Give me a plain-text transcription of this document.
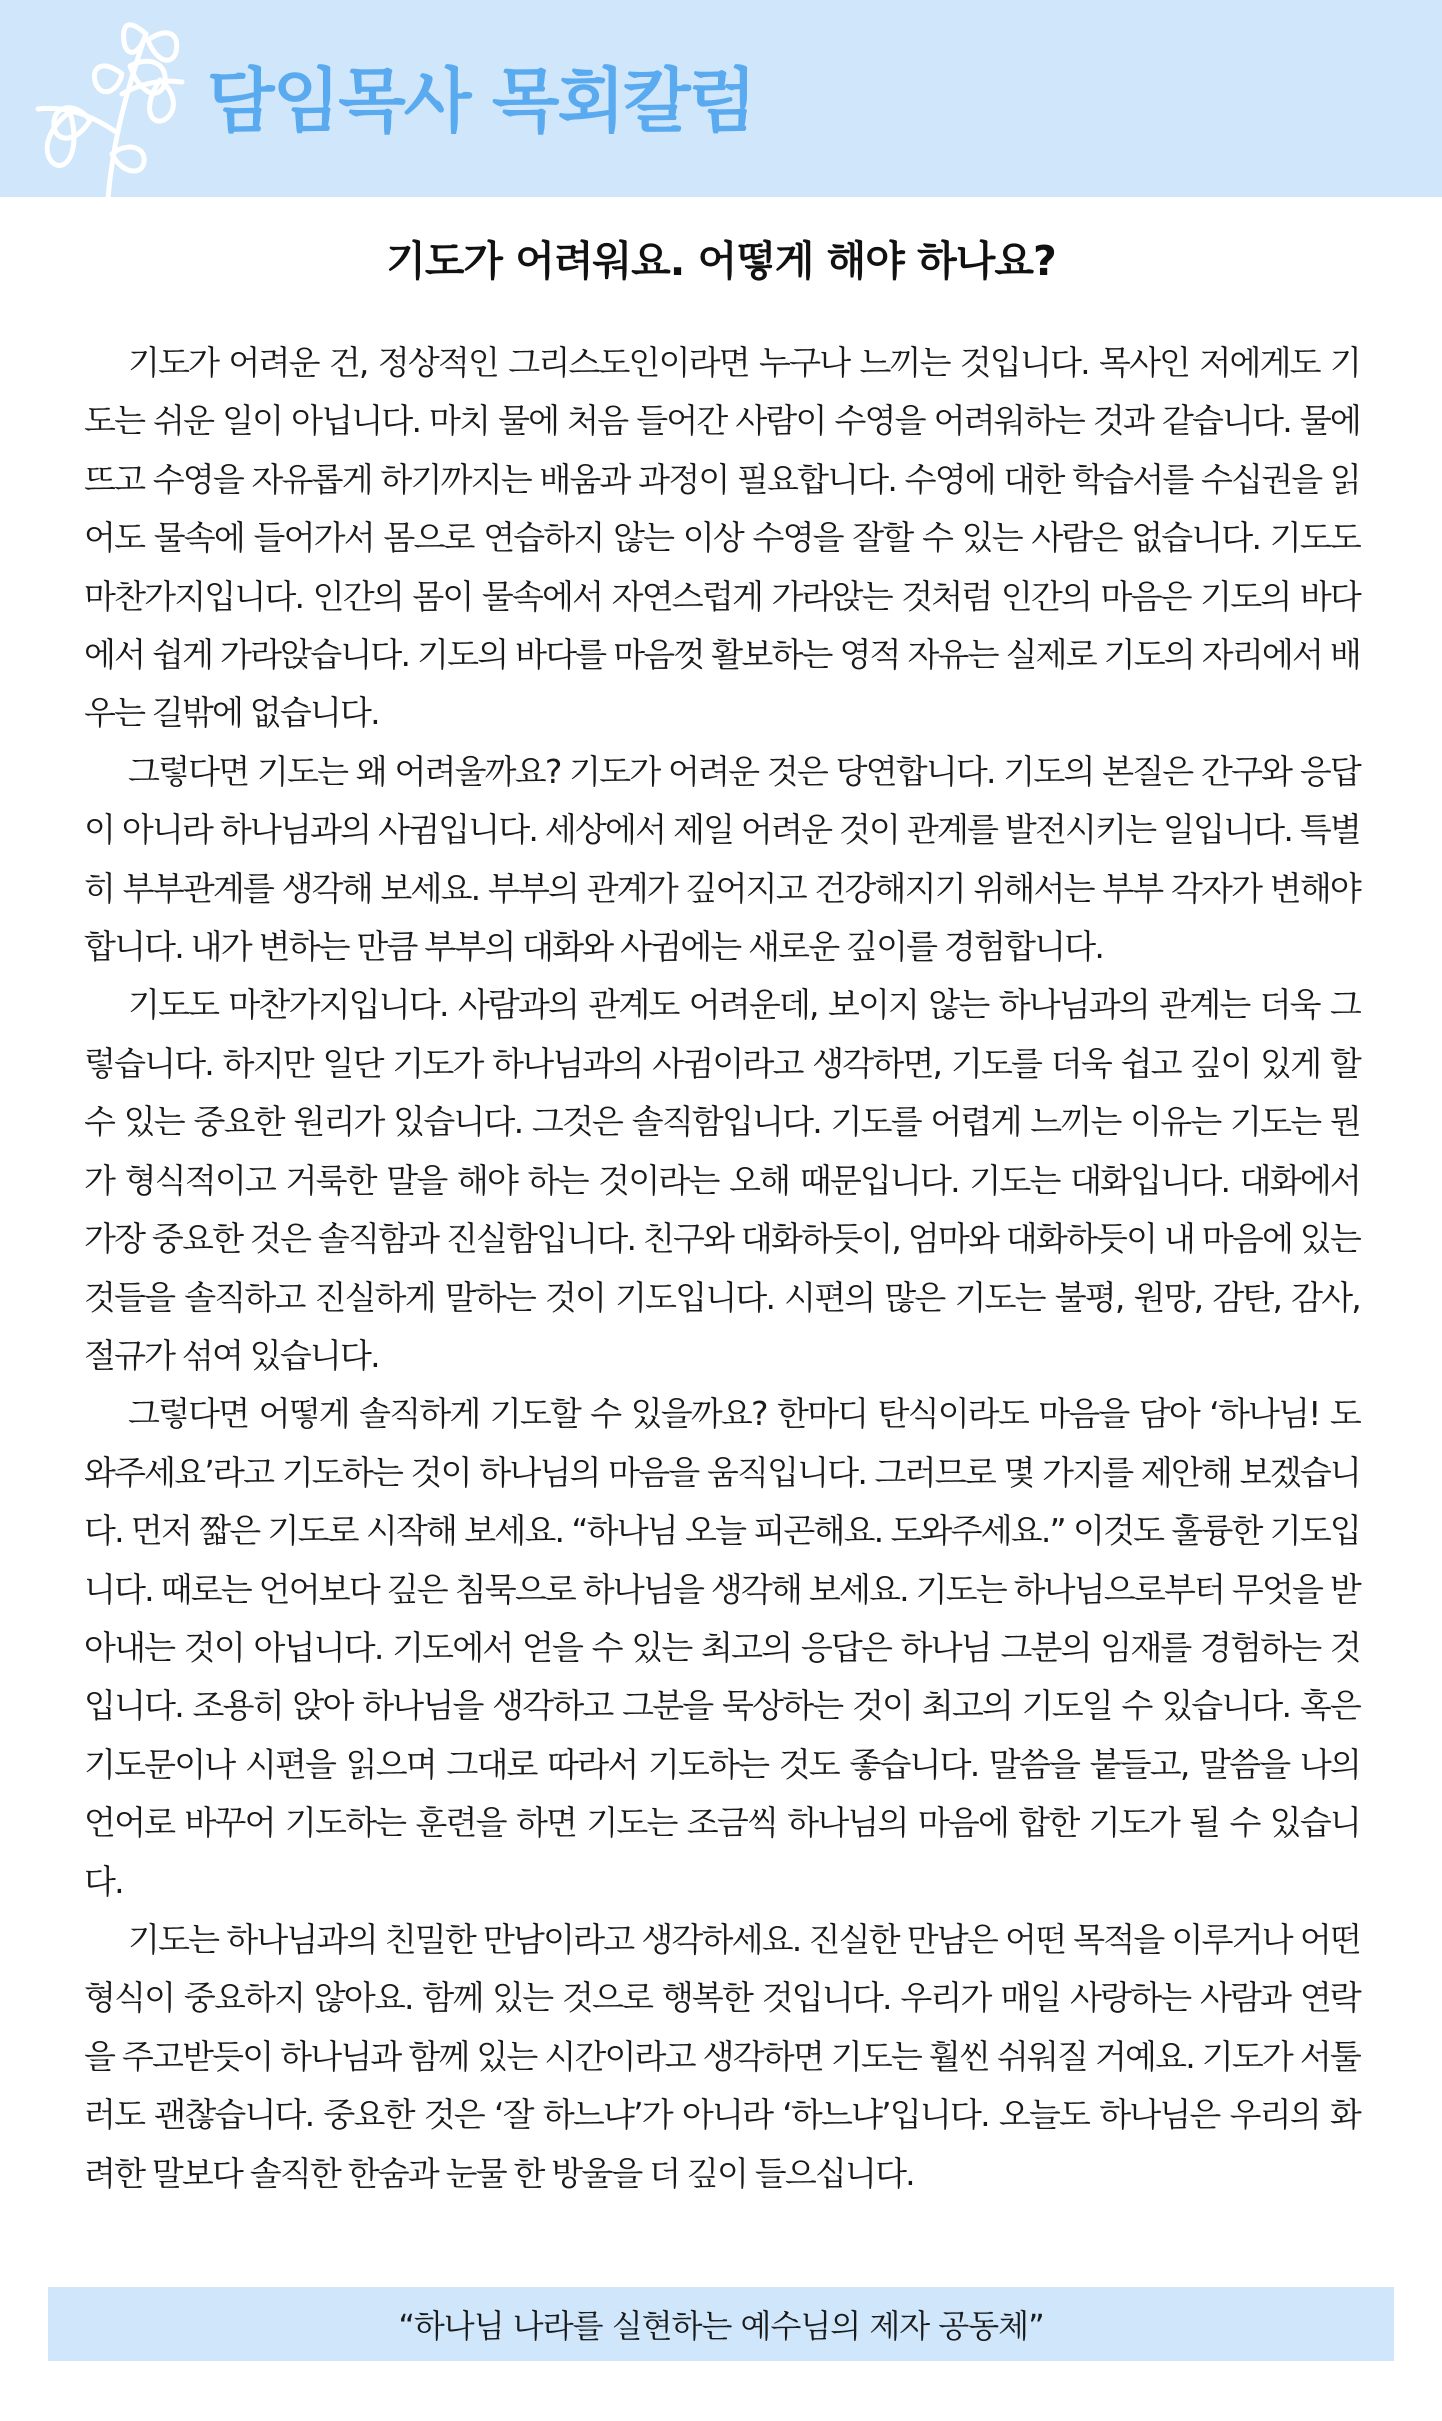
담임목사 목회칼럼
기도가 어려워요. 어떻게 해야 하나요?

기도가 어려운 건, 정상적인 그리스도인이라면 누구나 느끼는 것입니다. 목사인 저에게도 기도는 쉬운 일이 아닙니다. 마치 물에 처음 들어간 사람이 수영을 어려워하는 것과 같습니다. 물에 뜨고 수영을 자유롭게 하기까지는 배움과 과정이 필요합니다. 수영에 대한 학습서를 수십권을 읽어도 물속에 들어가서 몸으로 연습하지 않는 이상 수영을 잘할 수 있는 사람은 없습니다. 기도도 마찬가지입니다. 인간의 몸이 물속에서 자연스럽게 가라앉는 것처럼 인간의 마음은 기도의 바다에서 쉽게 가라앉습니다. 기도의 바다를 마음껏 활보하는 영적 자유는 실제로 기도의 자리에서 배우는 길밖에 없습니다.

그렇다면 기도는 왜 어려울까요? 기도가 어려운 것은 당연합니다. 기도의 본질은 간구와 응답이 아니라 하나님과의 사귐입니다. 세상에서 제일 어려운 것이 관계를 발전시키는 일입니다. 특별히 부부관계를 생각해 보세요. 부부의 관계가 깊어지고 건강해지기 위해서는 부부 각자가 변해야 합니다. 내가 변하는 만큼 부부의 대화와 사귐에는 새로운 깊이를 경험합니다.

기도도 마찬가지입니다. 사람과의 관계도 어려운데, 보이지 않는 하나님과의 관계는 더욱 그렇습니다. 하지만 일단 기도가 하나님과의 사귐이라고 생각하면, 기도를 더욱 쉽고 깊이 있게 할 수 있는 중요한 원리가 있습니다. 그것은 솔직함입니다. 기도를 어렵게 느끼는 이유는 기도는 뭔가 형식적이고 거룩한 말을 해야 하는 것이라는 오해 때문입니다. 기도는 대화입니다. 대화에서 가장 중요한 것은 솔직함과 진실함입니다. 친구와 대화하듯이, 엄마와 대화하듯이 내 마음에 있는 것들을 솔직하고 진실하게 말하는 것이 기도입니다. 시편의 많은 기도는 불평, 원망, 감탄, 감사, 절규가 섞여 있습니다.

그렇다면 어떻게 솔직하게 기도할 수 있을까요? 한마디 탄식이라도 마음을 담아 ‘하나님! 도와주세요’라고 기도하는 것이 하나님의 마음을 움직입니다. 그러므로 몇 가지를 제안해 보겠습니다. 먼저 짧은 기도로 시작해 보세요. “하나님 오늘 피곤해요. 도와주세요.” 이것도 훌륭한 기도입니다. 때로는 언어보다 깊은 침묵으로 하나님을 생각해 보세요. 기도는 하나님으로부터 무엇을 받아내는 것이 아닙니다. 기도에서 얻을 수 있는 최고의 응답은 하나님 그분의 임재를 경험하는 것입니다. 조용히 앉아 하나님을 생각하고 그분을 묵상하는 것이 최고의 기도일 수 있습니다. 혹은 기도문이나 시편을 읽으며 그대로 따라서 기도하는 것도 좋습니다. 말씀을 붙들고, 말씀을 나의 언어로 바꾸어 기도하는 훈련을 하면 기도는 조금씩 하나님의 마음에 합한 기도가 될 수 있습니다.

기도는 하나님과의 친밀한 만남이라고 생각하세요. 진실한 만남은 어떤 목적을 이루거나 어떤 형식이 중요하지 않아요. 함께 있는 것으로 행복한 것입니다. 우리가 매일 사랑하는 사람과 연락을 주고받듯이 하나님과 함께 있는 시간이라고 생각하면 기도는 훨씬 쉬워질 거예요. 기도가 서툴러도 괜찮습니다. 중요한 것은 ‘잘 하느냐’가 아니라 ‘하느냐’입니다. 오늘도 하나님은 우리의 화려한 말보다 솔직한 한숨과 눈물 한 방울을 더 깊이 들으십니다.

“하나님 나라를 실현하는 예수님의 제자 공동체”
